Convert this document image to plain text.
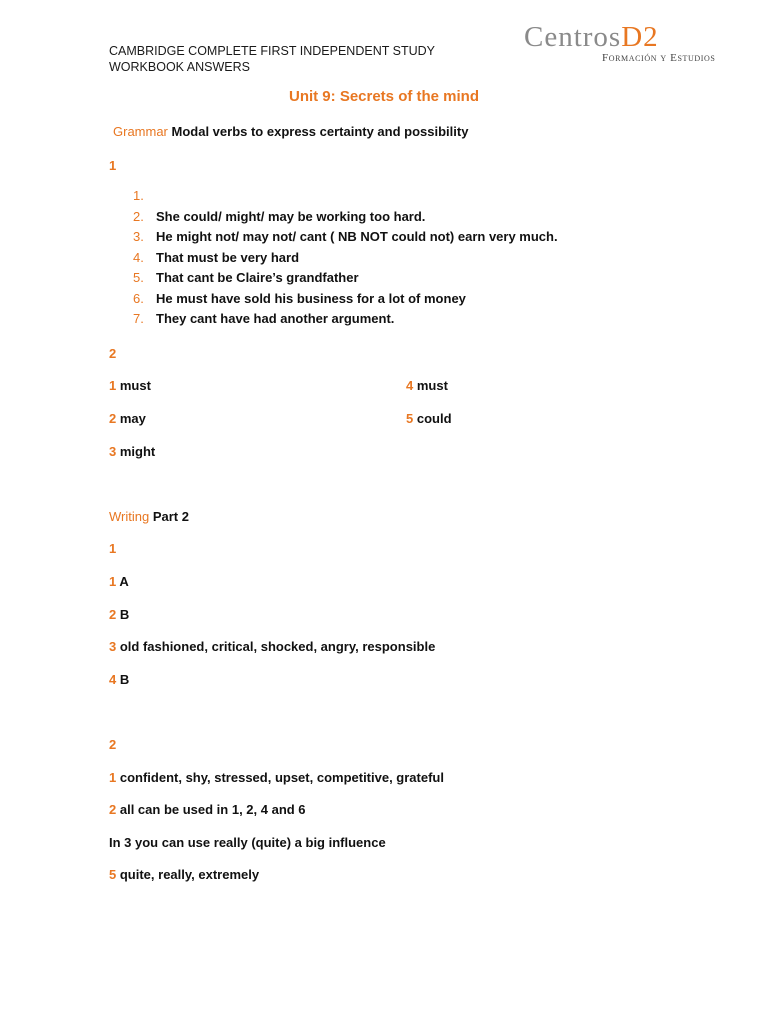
CAMBRIDGE COMPLETE FIRST INDEPENDENT STUDY
WORKBOOK ANSWERS
CentrosD2
Formación y Estudios
Unit 9: Secrets of the mind
Grammar Modal verbs to express certainty and possibility
1
1.
2. She could/ might/ may be working too hard.
3. He might not/ may not/ cant ( NB NOT could not) earn very much.
4. That must be very hard
5. That cant be Claire’s grandfather
6. He must have sold his business for a lot of money
7. They cant have had another argument.
2
1 must
2 may
3 might
4 must
5 could
Writing Part 2
1
1 A
2 B
3 old fashioned, critical, shocked, angry, responsible
4 B
2
1 confident, shy, stressed, upset, competitive, grateful
2 all can be used in 1, 2, 4 and 6
In 3 you can use really (quite) a big influence
5 quite, really, extremely
